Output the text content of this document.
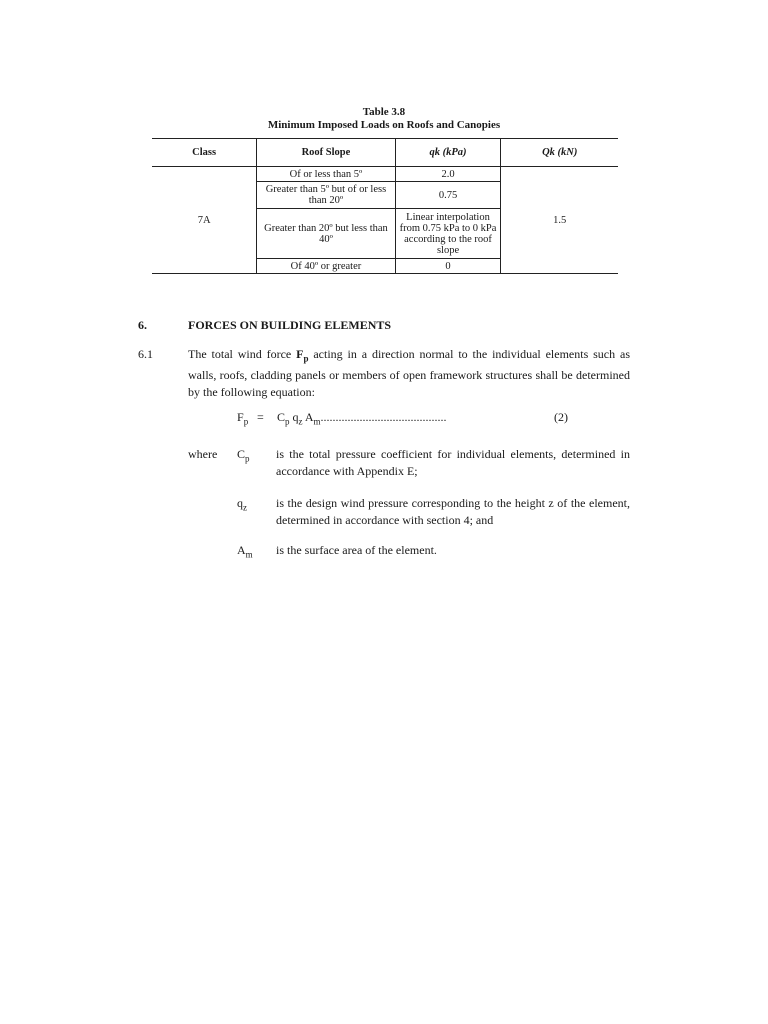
Table 3.8
Minimum Imposed Loads on Roofs and Canopies
Class	Roof Slope	qk (kPa)	Qk (kN)
7A	Of or less than 5º	2.0	1.5
	Greater than 5º but of or less than 20º	0.75	
	Greater than 20º but less than 40º	Linear interpolation from 0.75 kPa to 0 kPa according to the roof slope	
	Of 40º or greater	0	
6.	FORCES ON BUILDING ELEMENTS
6.1	The total wind force $F_p$ acting in a direction normal to the individual elements such as walls, roofs, cladding panels or members of open framework structures shall be determined by the following equation:
$F_p = C_p$ $q_z$ $A_m$..........................................	(2)
where $C_p$ is the total pressure coefficient for individual elements, determined in accordance with Appendix E;
$q_z$ is the design wind pressure corresponding to the height z of the element, determined in accordance with section 4; and
$A_m$ is the surface area of the element.
